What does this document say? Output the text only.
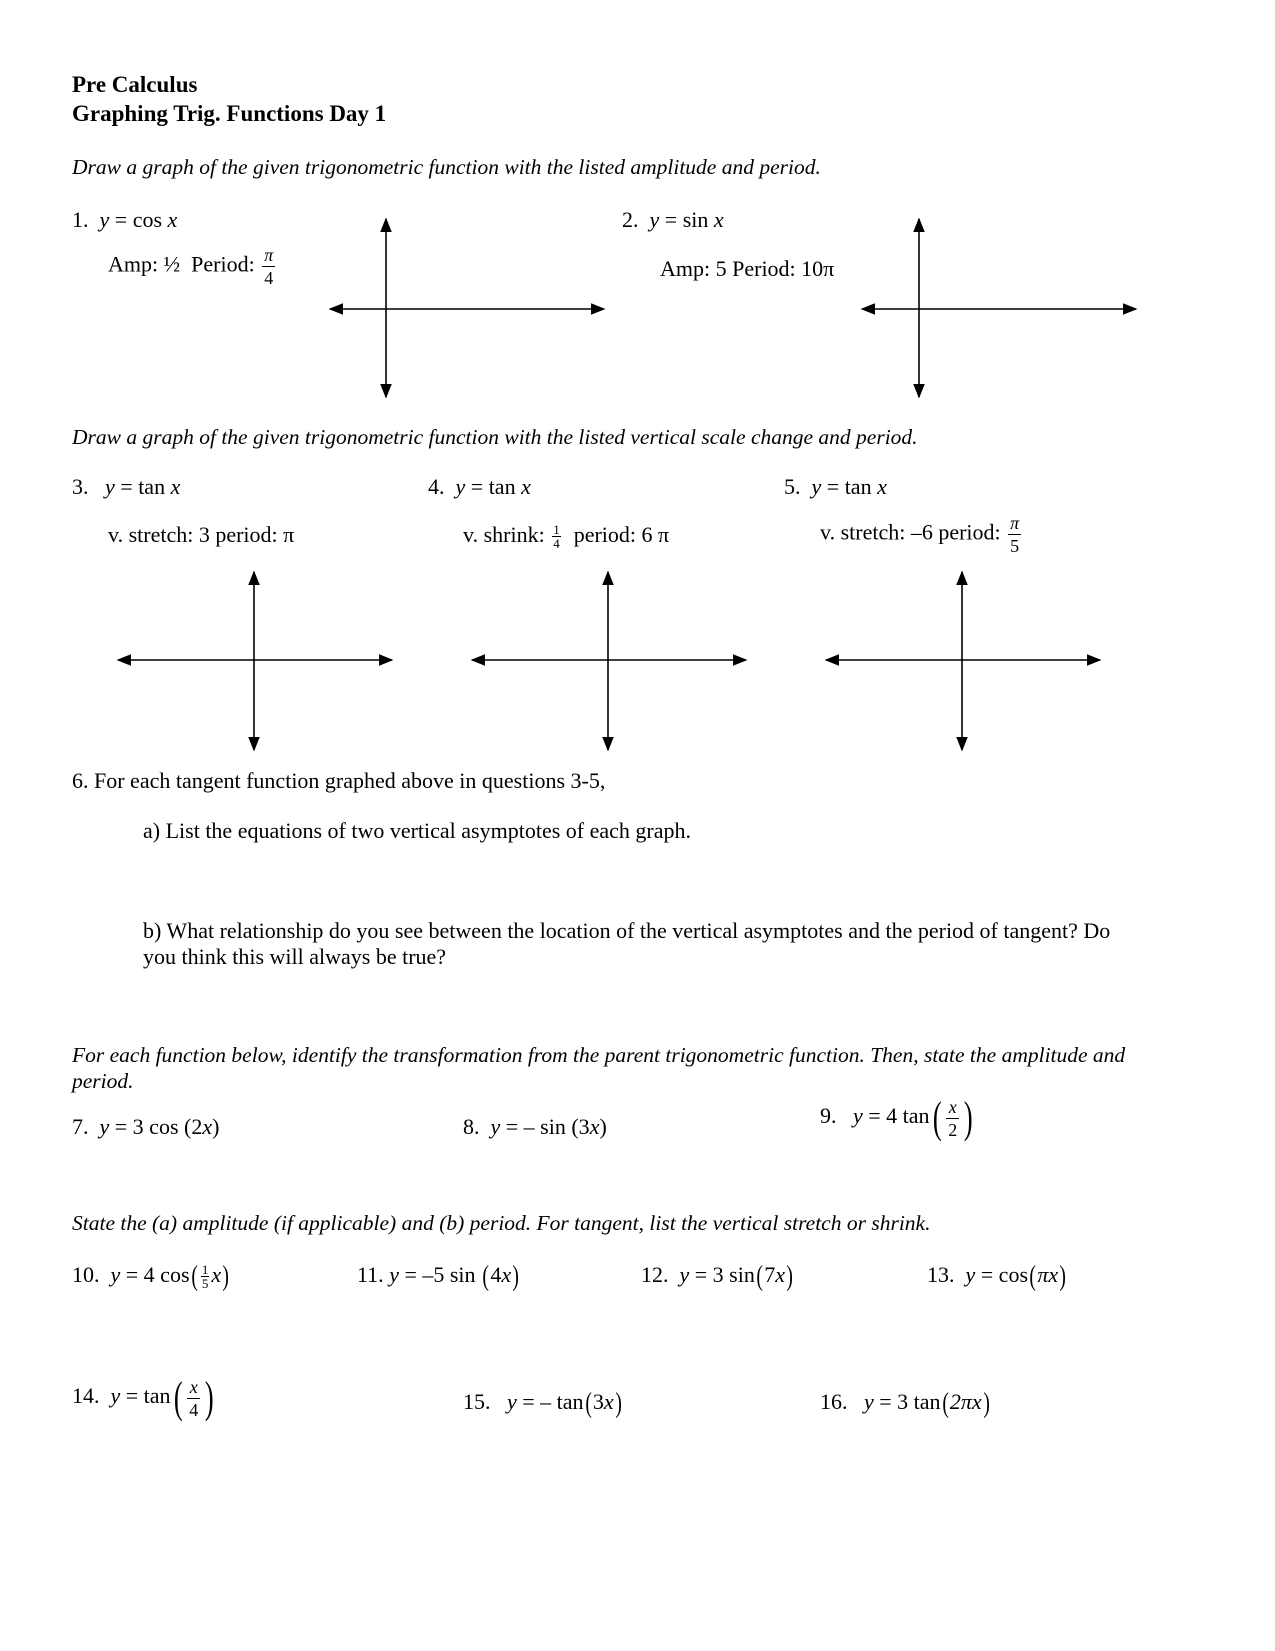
Pre Calculus
Graphing Trig. Functions Day 1
Draw a graph of the given trigonometric function with the listed amplitude and period.
1. y = cos x
Amp: ½ Period: $\frac{\pi}{4}$
2. y = sin x
Amp: 5 Period: 10π
Draw a graph of the given trigonometric function with the listed vertical scale change and period.
3. y = tan x
v. stretch: 3 period: π
4. y = tan x
v. shrink: $\frac{1}{4}$ period: 6 π
5. y = tan x
v. stretch: –6 period: $\frac{\pi}{5}$
6. For each tangent function graphed above in questions 3-5,
a) List the equations of two vertical asymptotes of each graph.
b) What relationship do you see between the location of the vertical asymptotes and the period of tangent? Do you think this will always be true?
For each function below, identify the transformation from the parent trigonometric function. Then, state the amplitude and period.
7. y = 3 cos (2x)	8. y = – sin (3x)	9. y = 4 $\tan( \frac{x}{2}$ )
State the (a) amplitude (if applicable) and (b) period. For tangent, list the vertical stretch or shrink.
10. y = 4 $\cos( \frac{1}{5} x)$	11. y = –5 sin (4x)	12. y = 3 sin(7x)	13. y = cos(πx)
14. $y = \tan( \frac{x}{4}$ )	15. y = – tan(3x)	16. y = 3 tan(2πx)
